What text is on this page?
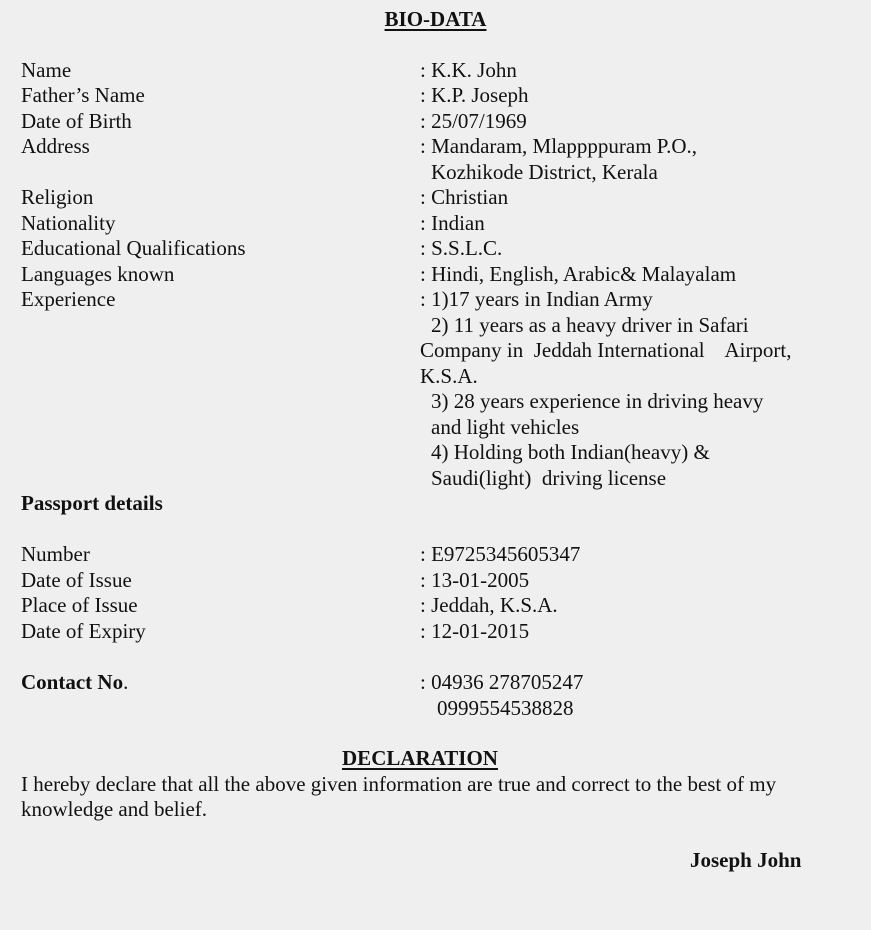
BIO-DATA
Name	: K.K. John
Father’s Name	: K.P. Joseph
Date of Birth	: 25/07/1969
Address	: Mandaram, Mlappppuram P.O.,
Kozhikode District, Kerala
Religion	: Christian
Nationality	: Indian
Educational Qualifications	: S.S.L.C.
Languages known	: Hindi, English, Arabic& Malayalam
Experience	: 1)17 years in Indian Army
2) 11 years as a heavy driver in Safari
Company in  Jeddah International    Airport,
K.S.A.
3) 28 years experience in driving heavy
and light vehicles
4) Holding both Indian(heavy) &
Saudi(light)  driving license
Passport details
Number	: E9725345605347
Date of Issue	: 13-01-2005
Place of Issue	: Jeddah, K.S.A.
Date of Expiry	: 12-01-2015
Contact No.	: 04936 278705247
0999554538828
DECLARATION
I hereby declare that all the above given information are true and correct to the best of my
knowledge and belief.
Joseph John
